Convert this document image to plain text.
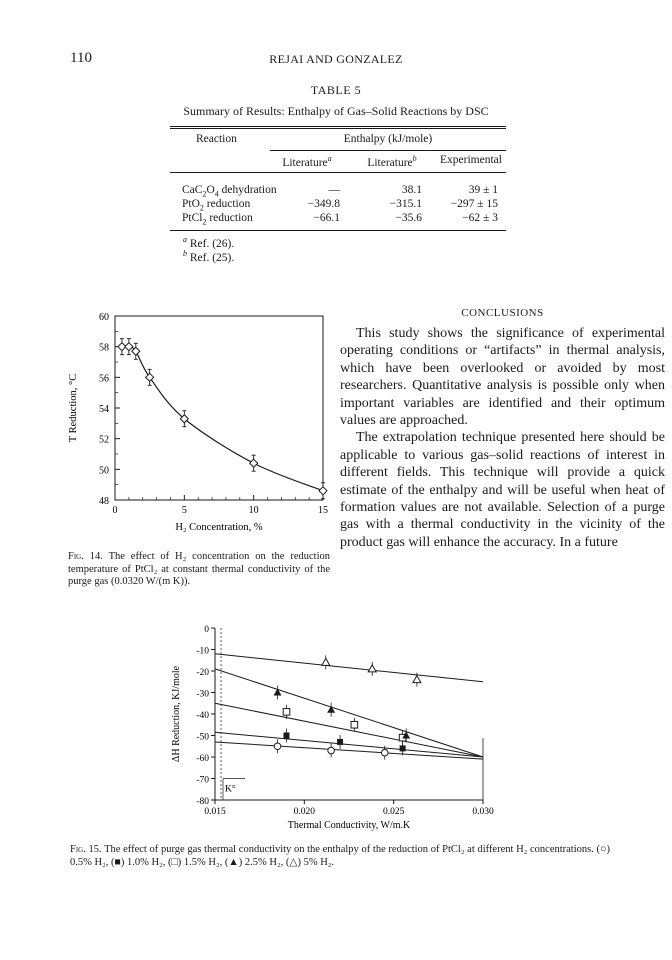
110	REJAI AND GONZALEZ
TABLE 5
Summary of Results: Enthalpy of Gas–Solid Reactions by DSC
Reaction	Enthalpy (kJ/mole)
Literature$^a$	Literature$^b$	Experimental
$CaC_2O_4$ dehydration	—	38.1	39 ± 1
PtO$_2$ reduction	−349.8	−315.1	−297 ± 15
PtCl$_2$ reduction	−66.1	−35.6	−62 ± 3
$^a$ Ref. (26).
$^b$ Ref. (25).
48
50
52
54
56
58
60
0	5	10	15
H₂ Concentration, %
T Reduction, °C
Fig. 14. The effect of H₂ concentration on the reduction temperature of PtCl₂ at constant thermal conductivity of the purge gas (0.0320 W/(m K)).
CONCLUSIONS

This study shows the significance of experimental operating conditions or “artifacts” in thermal analysis, which have been overlooked or avoided by most researchers. Quantitative analysis is possible only when important variables are identified and their optimum values are approached.

The extrapolation technique presented here should be applicable to various gas–solid reactions of interest in different fields. This technique will provide a quick estimate of the enthalpy and will be useful when heat of formation values are not available. Selection of a purge gas with a thermal conductivity in the vicinity of the product gas will enhance the accuracy. In a future

0
-10
-20
-30
-40
-50
-60
-70
-80
0.015	0.020	0.025	0.030
Thermal Conductivity, W/m.K
ΔH Reduction, KJ/mole
K°
Fig. 15. The effect of purge gas thermal conductivity on the enthalpy of the reduction of PtCl₂ at different H₂ concentrations. (○) 0.5% H₂, (■) 1.0% H₂, (□) 1.5% H₂, (▲) 2.5% H₂, (△) 5% H₂.
